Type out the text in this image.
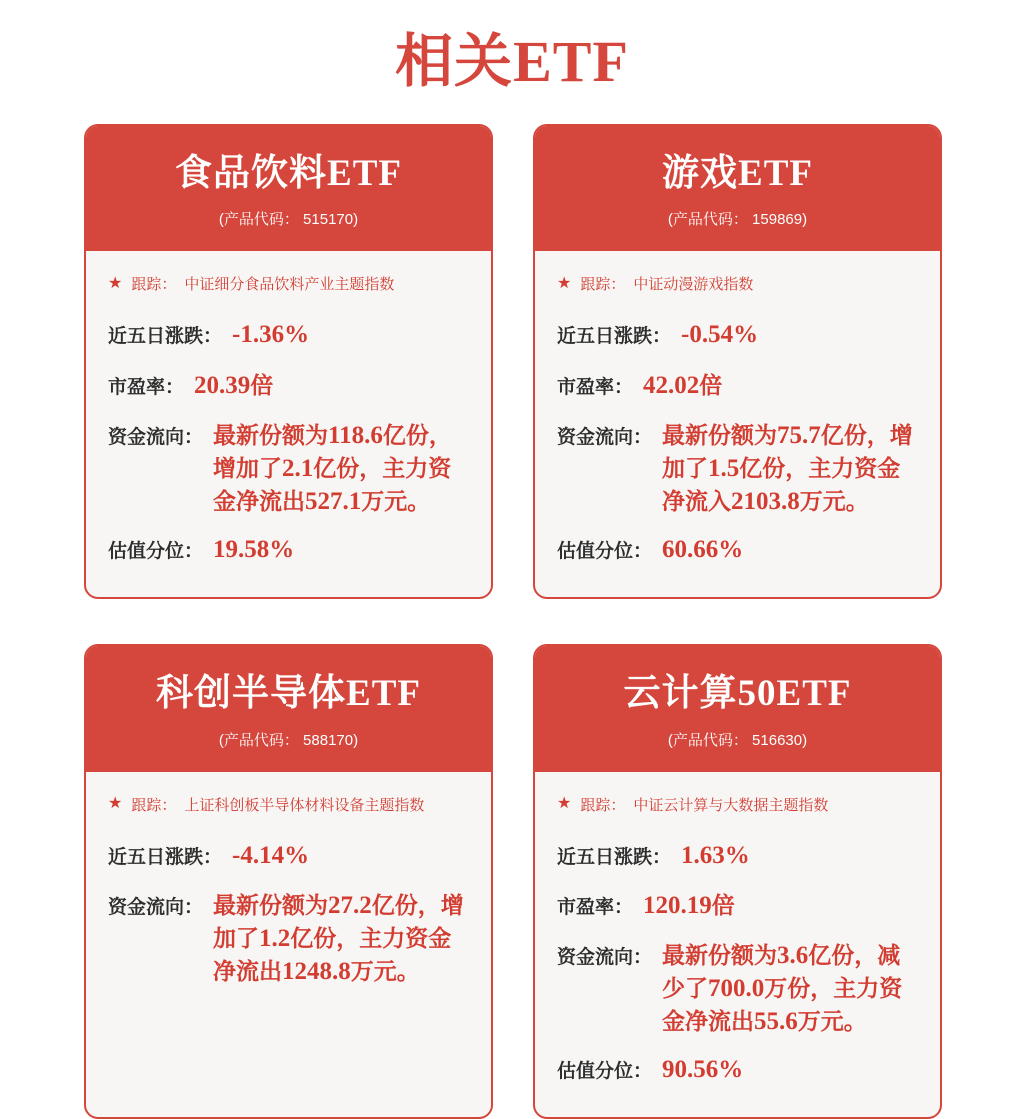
相关ETF
食品饮料ETF
(产品代码： 515170)
★ 跟踪： 中证细分食品饮料产业主题指数
近五日涨跌： -1.36%
市盈率： 20.39倍
资金流向： 最新份额为118.6亿份，增加了2.1亿份，主力资金净流出527.1万元。
估值分位： 19.58%
游戏ETF
(产品代码： 159869)
★ 跟踪： 中证动漫游戏指数
近五日涨跌： -0.54%
市盈率： 42.02倍
资金流向： 最新份额为75.7亿份，增加了1.5亿份，主力资金净流入2103.8万元。
估值分位： 60.66%
科创半导体ETF
(产品代码： 588170)
★ 跟踪： 上证科创板半导体材料设备主题指数
近五日涨跌： -4.14%
资金流向： 最新份额为27.2亿份，增加了1.2亿份，主力资金净流出1248.8万元。
云计算50ETF
(产品代码： 516630)
★ 跟踪： 中证云计算与大数据主题指数
近五日涨跌： 1.63%
市盈率： 120.19倍
资金流向： 最新份额为3.6亿份，减少了700.0万份，主力资金净流出55.6万元。
估值分位： 90.56%
